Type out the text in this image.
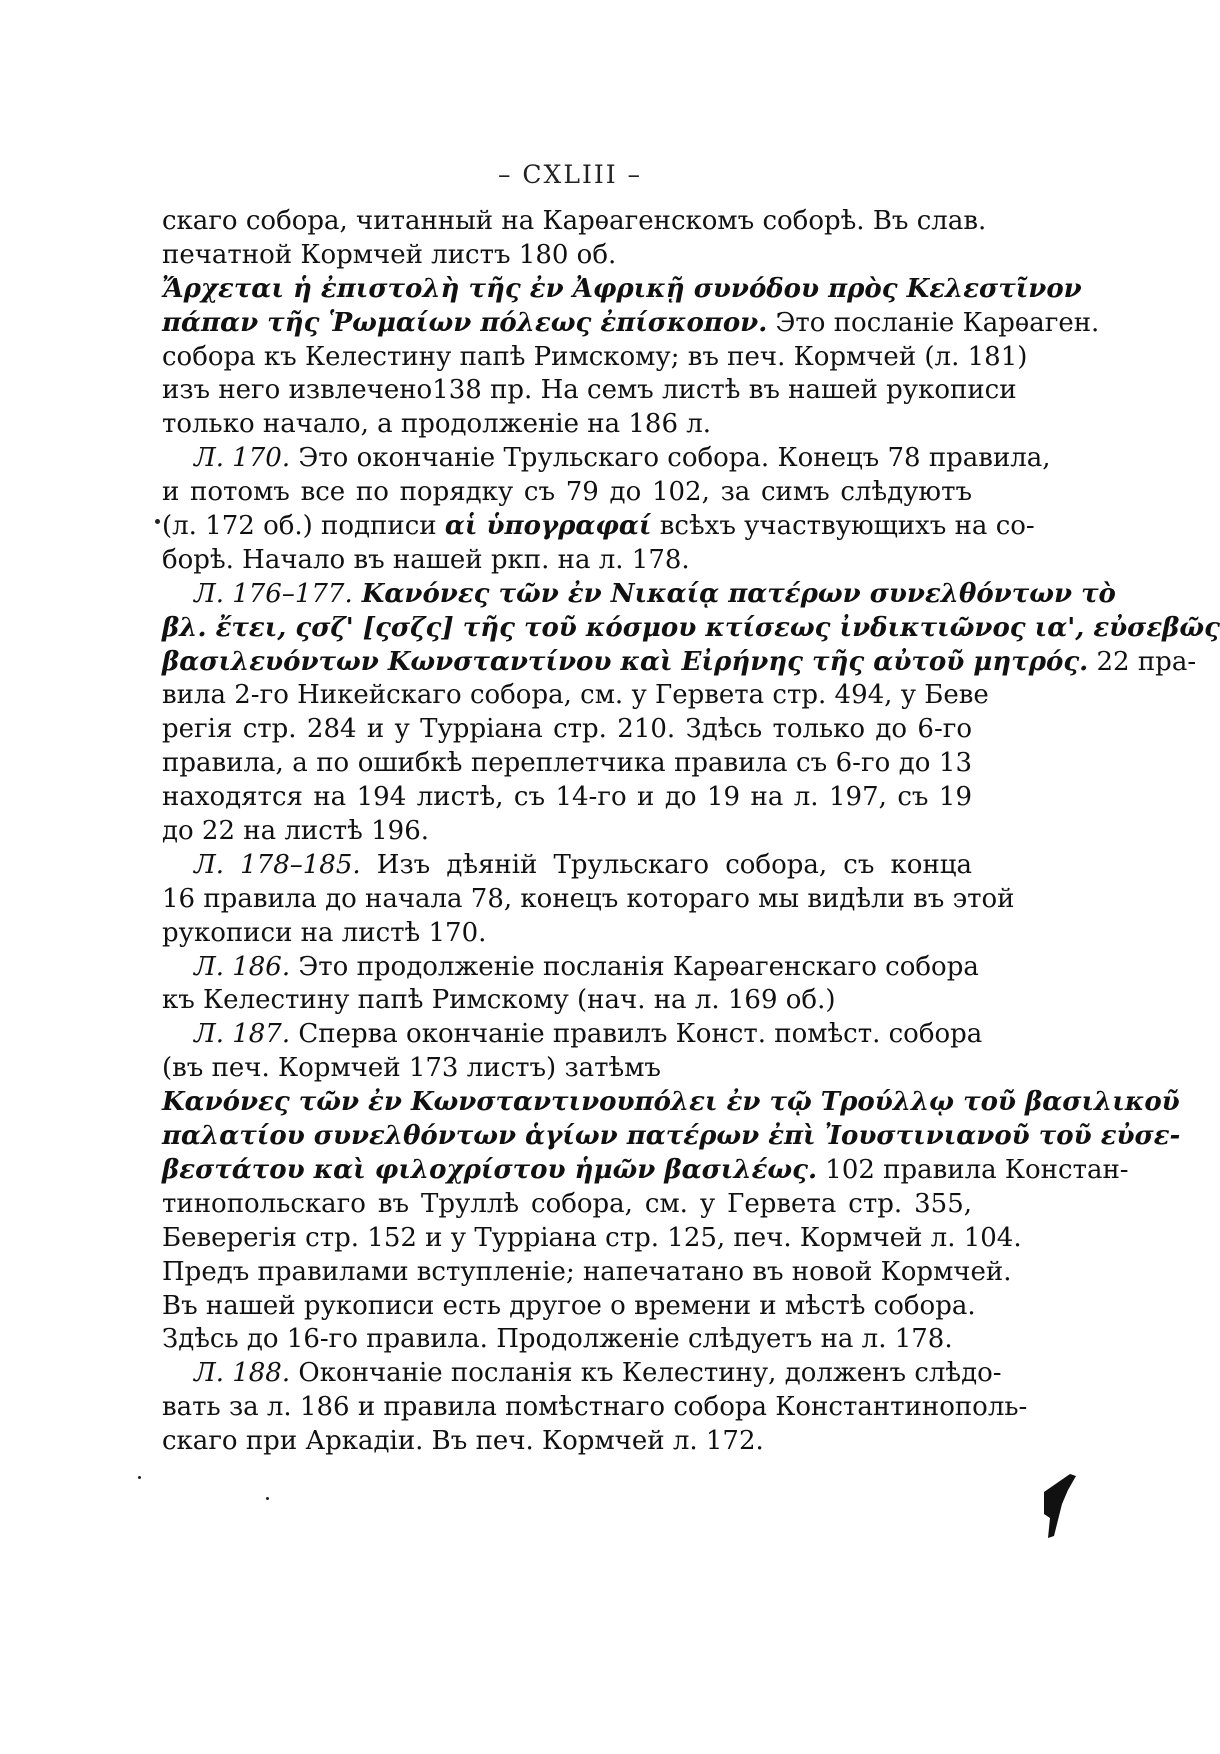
– CXLIII –
скаго собора, читанный на Карѳагенскомъ соборѣ. Въ слав.
печатной Кормчей листъ 180 об.
Ἄρχεται ἡ ἐπιστολὴ τῆς ἐν Ἀφρικῇ συνόδου πρὸς Κελεστῖνον
πάπαν τῆς Ῥωμαίων πόλεως ἐπίσκοπον. Это посланіе Карѳаген.
собора къ Келестину папѣ Римскому; въ печ. Кормчей (л. 181)
изъ него извлечено138 пр. На семъ листѣ въ нашей рукописи
только начало, а продолженіе на 186 л.
Л. 170. Это окончаніе Трульскаго собора. Конецъ 78 правила,
и потомъ все по порядку съ 79 до 102, за симъ слѣдуютъ
(л. 172 об.) подписи αἱ ὑπογραφαί всѣхъ участвующихъ на со-
борѣ. Начало въ нашей ркп. на л. 178.
Л. 176–177. Κανόνες τῶν ἐν Νικαίᾳ πατέρων συνελθόντων τὸ
βλ. ἔτει, ςσζ' [ςσζς] τῆς τοῦ κόσμου κτίσεως ἰνδικτιῶνος ια', εὐσεβῶς
βασιλευόντων Κωνσταντίνου καὶ Εἰρήνης τῆς αὐτοῦ μητρός. 22 пра-
вила 2-го Никейскаго собора, см. у Гервета стр. 494, у Беве
регія стр. 284 и у Турріана стр. 210. Здѣсь только до 6-го
правила, а по ошибкѣ переплетчика правила съ 6-го до 13
находятся на 194 листѣ, съ 14-го и до 19 на л. 197, съ 19
до 22 на листѣ 196.
Л. 178–185. Изъ дѣяній Трульскаго собора, съ конца
16 правила до начала 78, конецъ котораго мы видѣли въ этой
рукописи на листѣ 170.
Л. 186. Это продолженіе посланія Карѳагенскаго собора
къ Келестину папѣ Римскому (нач. на л. 169 об.)
Л. 187. Сперва окончаніе правилъ Конст. помѣст. собора
(въ печ. Кормчей 173 листъ) затѣмъ
Κανόνες τῶν ἐν Κωνσταντινουπόλει ἐν τῷ Τρούλλῳ τοῦ βασιλικοῦ
παλατίου συνελθόντων ἁγίων πατέρων ἐπὶ Ἰουστινιανοῦ τοῦ εὐσε-
βεστάτου καὶ φιλοχρίστου ἡμῶν βασιλέως. 102 правила Констан-
тинопольскаго въ Труллѣ собора, см. у Гервета стр. 355,
Беверегія стр. 152 и у Турріана стр. 125, печ. Кормчей л. 104.
Предъ правилами вступленіе; напечатано въ новой Кормчей.
Въ нашей рукописи есть другое о времени и мѣстѣ собора.
Здѣсь до 16-го правила. Продолженіе слѣдуетъ на л. 178.
Л. 188. Окончаніе посланія къ Келестину, долженъ слѣдо-
вать за л. 186 и правила помѣстнаго собора Константинополь-
скаго при Аркадіи. Въ печ. Кормчей л. 172.
